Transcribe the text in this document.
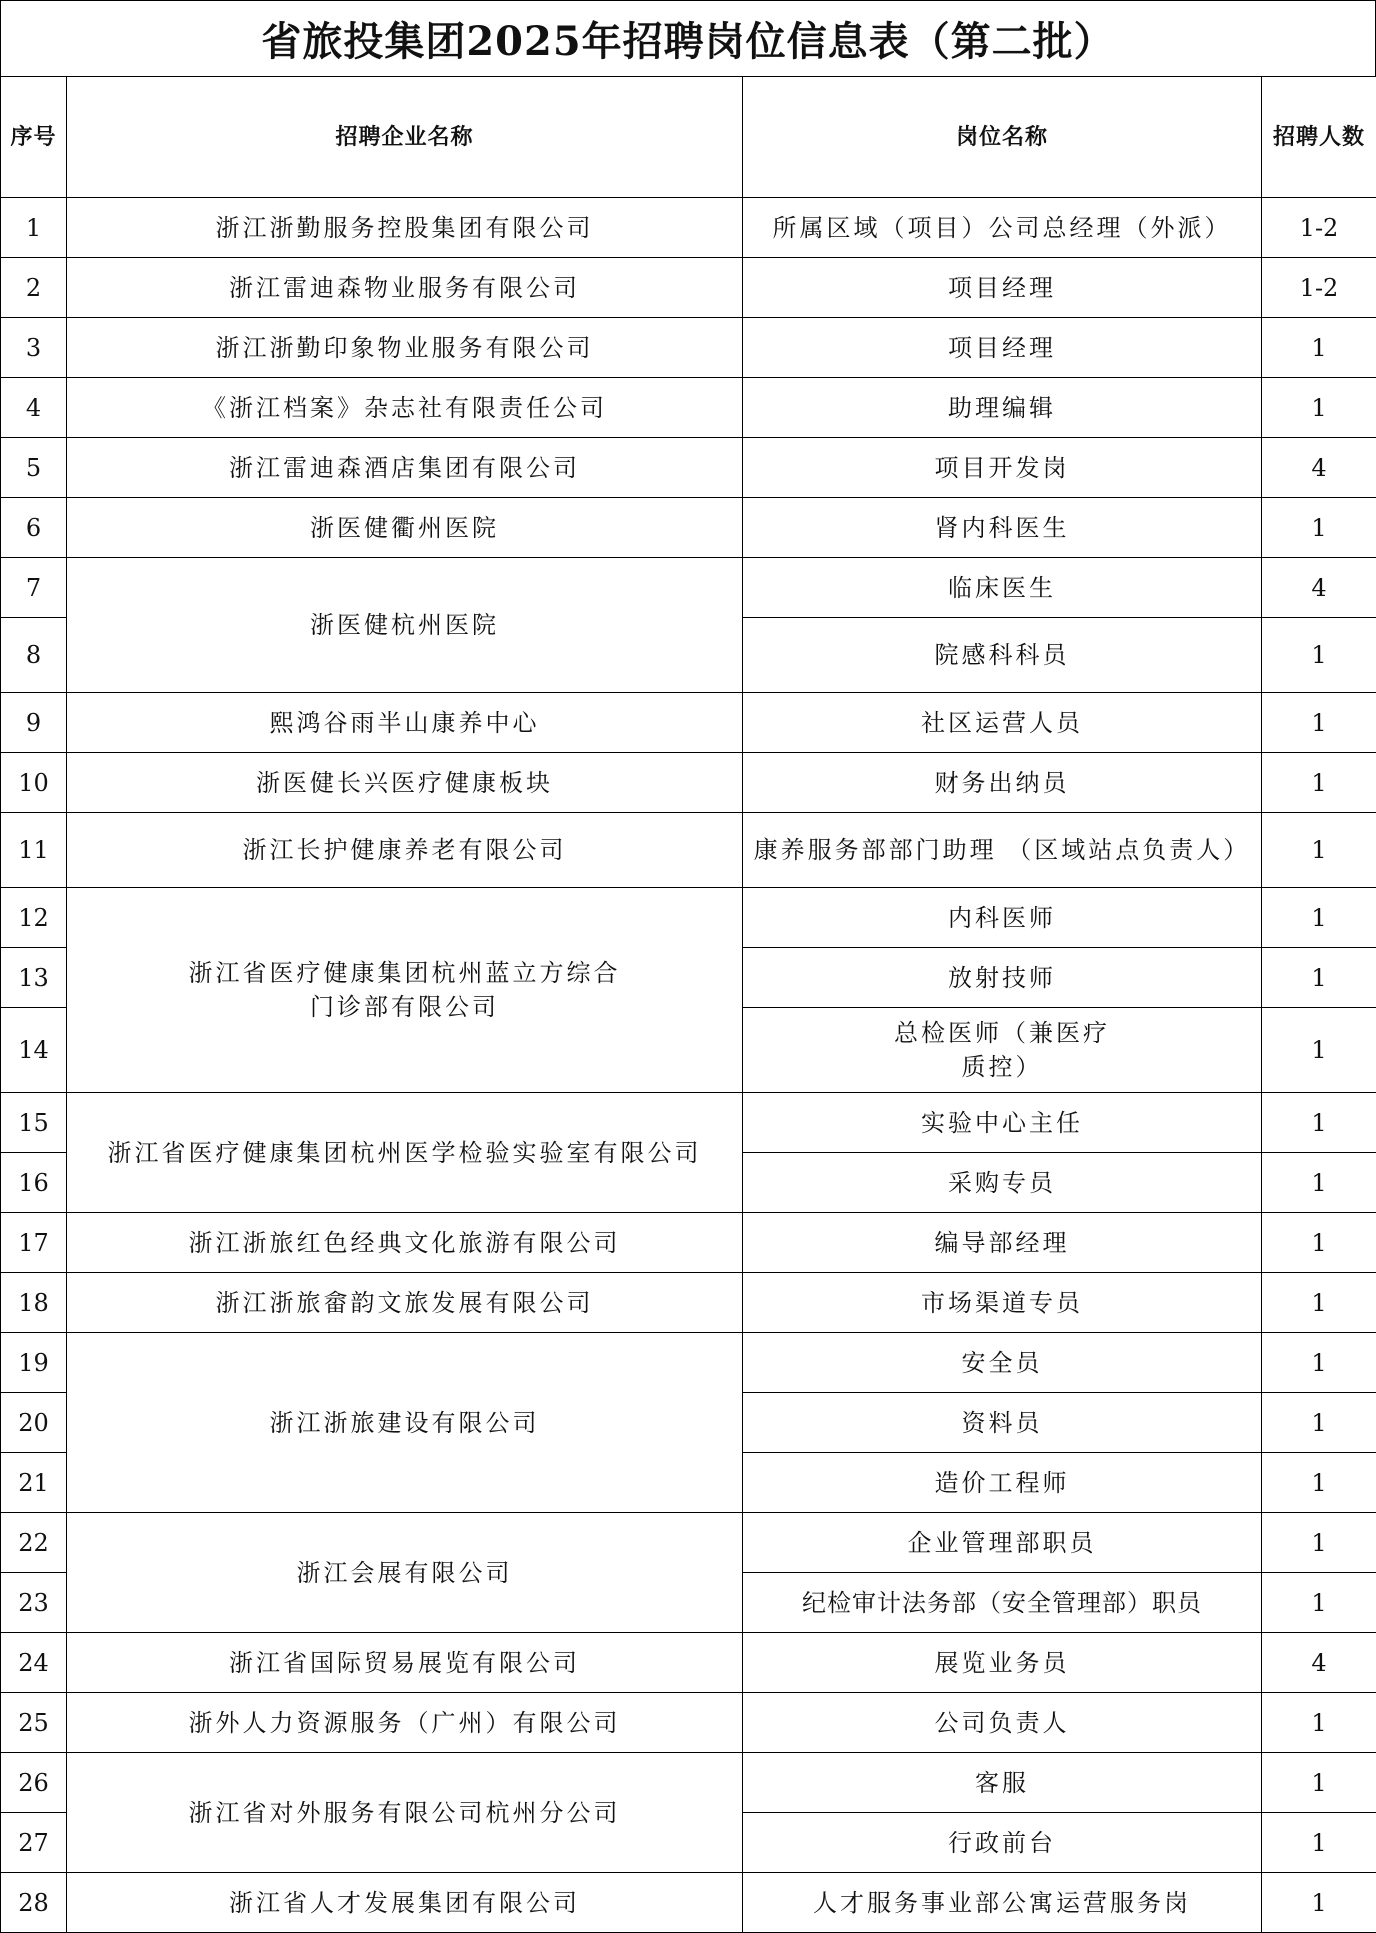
省旅投集团2025年招聘岗位信息表（第二批）
序号	招聘企业名称	岗位名称	招聘人数
1	浙江浙勤服务控股集团有限公司	所属区域（项目）公司总经理（外派）	1-2
2	浙江雷迪森物业服务有限公司	项目经理	1-2
3	浙江浙勤印象物业服务有限公司	项目经理	1
4	《浙江档案》杂志社有限责任公司	助理编辑	1
5	浙江雷迪森酒店集团有限公司	项目开发岗	4
6	浙医健衢州医院	肾内科医生	1
7	浙医健杭州医院	临床医生	4
8		院感科科员	1
9	熙鸿谷雨半山康养中心	社区运营人员	1
10	浙医健长兴医疗健康板块	财务出纳员	1
11	浙江长护健康养老有限公司	康养服务部部门助理 （区域站点负责人）	1
12	浙江省医疗健康集团杭州蓝立方综合门诊部有限公司	内科医师	1
13		放射技师	1
14		总检医师（兼医疗质控）	1
15	浙江省医疗健康集团杭州医学检验实验室有限公司	实验中心主任	1
16		采购专员	1
17	浙江浙旅红色经典文化旅游有限公司	编导部经理	1
18	浙江浙旅畲韵文旅发展有限公司	市场渠道专员	1
19	浙江浙旅建设有限公司	安全员	1
20		资料员	1
21		造价工程师	1
22	浙江会展有限公司	企业管理部职员	1
23		纪检审计法务部（安全管理部）职员	1
24	浙江省国际贸易展览有限公司	展览业务员	4
25	浙外人力资源服务（广州）有限公司	公司负责人	1
26	浙江省对外服务有限公司杭州分公司	客服	1
27		行政前台	1
28	浙江省人才发展集团有限公司	人才服务事业部公寓运营服务岗	1
